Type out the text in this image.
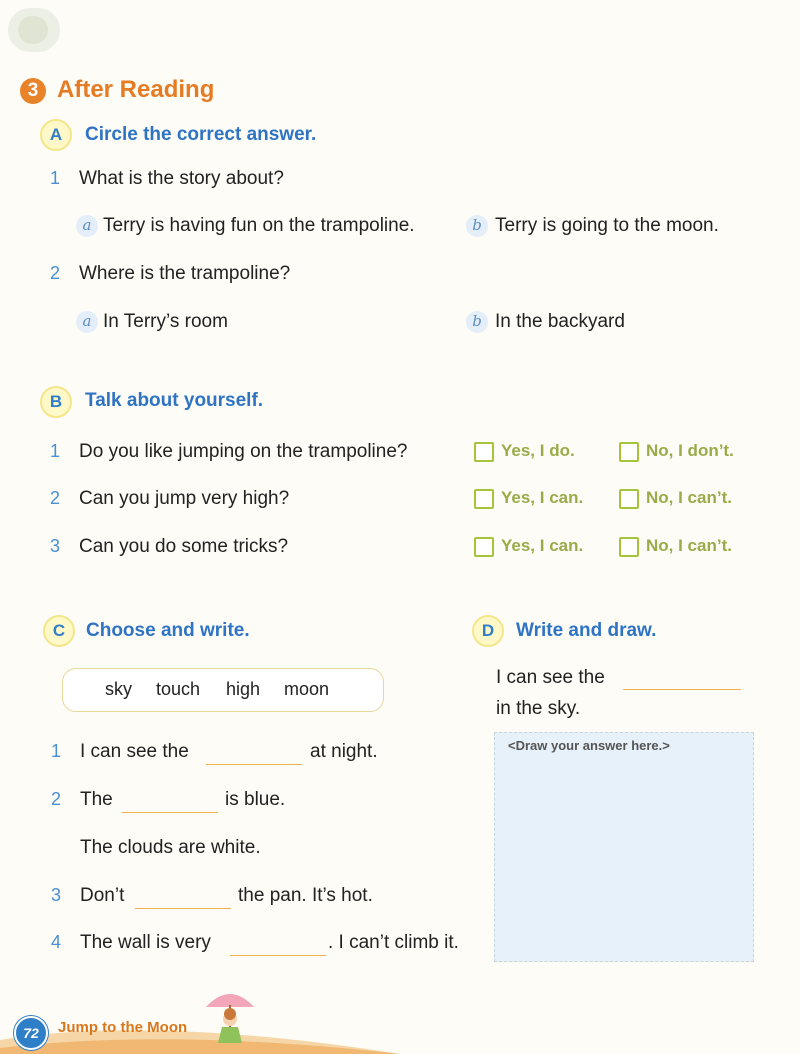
3 After Reading
A	Circle the correct answer.
1 What is the story about?
a Terry is having fun on the trampoline.	b Terry is going to the moon.
2 Where is the trampoline?
a In Terry’s room	b In the backyard
B	Talk about yourself.
1 Do you like jumping on the trampoline?	Yes, I do.	No, I don’t.
2 Can you jump very high?	Yes, I can.	No, I can’t.
3 Can you do some tricks?	Yes, I can.	No, I can’t.
C	Choose and write.
sky touch high moon
1 I can see the	at night.
2 The	is blue.
The clouds are white.
3 Don’t	the pan. It’s hot.
4 The wall is very	. I can’t climb it.
D	Write and draw.
I can see the
in the sky.
<Draw your answer here.>
72	Jump to the Moon
